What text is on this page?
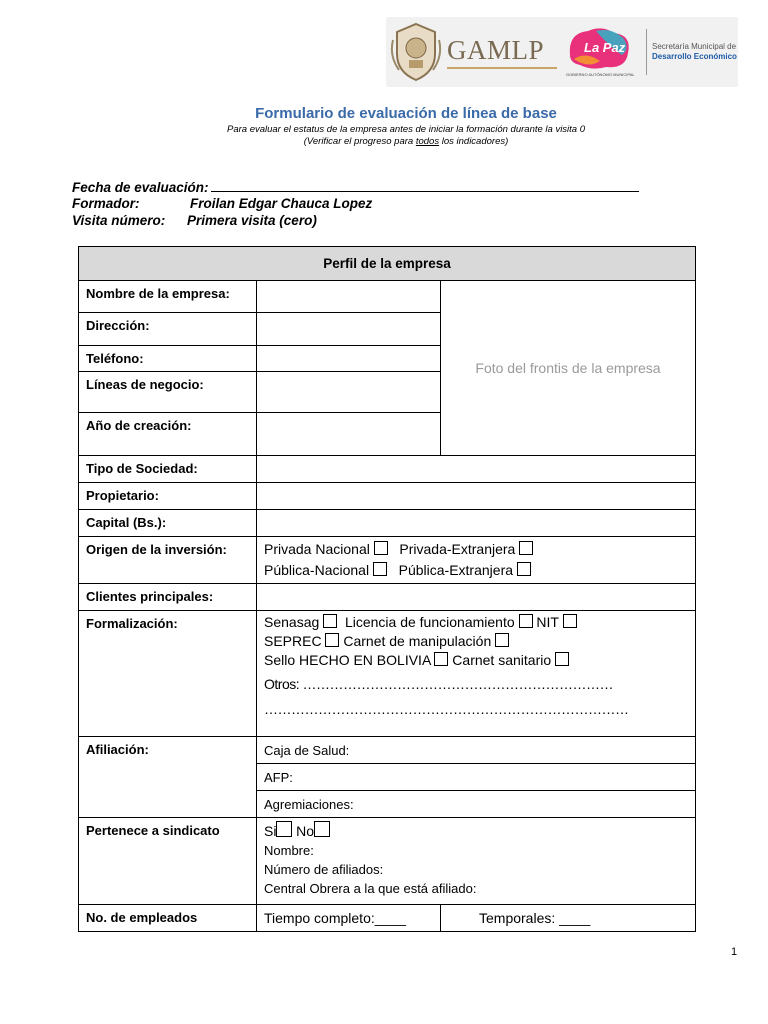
GAMLP	La Paz
GOBIERNO AUTÓNOMO MUNICIPAL
Secretaría Municipal de
Desarrollo Económico
Formulario de evaluación de línea de base
Para evaluar el estatus de la empresa antes de iniciar la formación durante la visita 0
(Verificar el progreso para todos los indicadores)
Fecha de evaluación:
Formador:	Froilan Edgar Chauca Lopez
Visita número: Primera visita (cero)
Perfil de la empresa		
Nombre de la empresa:		Foto del frontis de la empresa
Dirección:		
Teléfono:		
Líneas de negocio:		
Año de creación:		
Tipo de Sociedad:		
Propietario:		
Capital (Bs.):		
Origen de la inversión:	Privada Nacional Privada-Extranjera
Pública-Nacional Pública-Extranjera	
Clientes principales:		
Formalización:	Senasag Licencia de funcionamiento NIT
SEPREC Carnet de manipulación
Sello HECHO EN BOLIVIA Carnet sanitario

Otros: ……………………………………………………………
………………………………………………………………………	

Afiliación:	Caja de Salud:	
	AFP:	
	Agremiaciones:	
Pertenece a sindicato	Si No
Nombre:
Número de afiliados:
Central Obrera a la que está afiliado:	
No. de empleados	Tiempo completo:____	Temporales: ____
1
